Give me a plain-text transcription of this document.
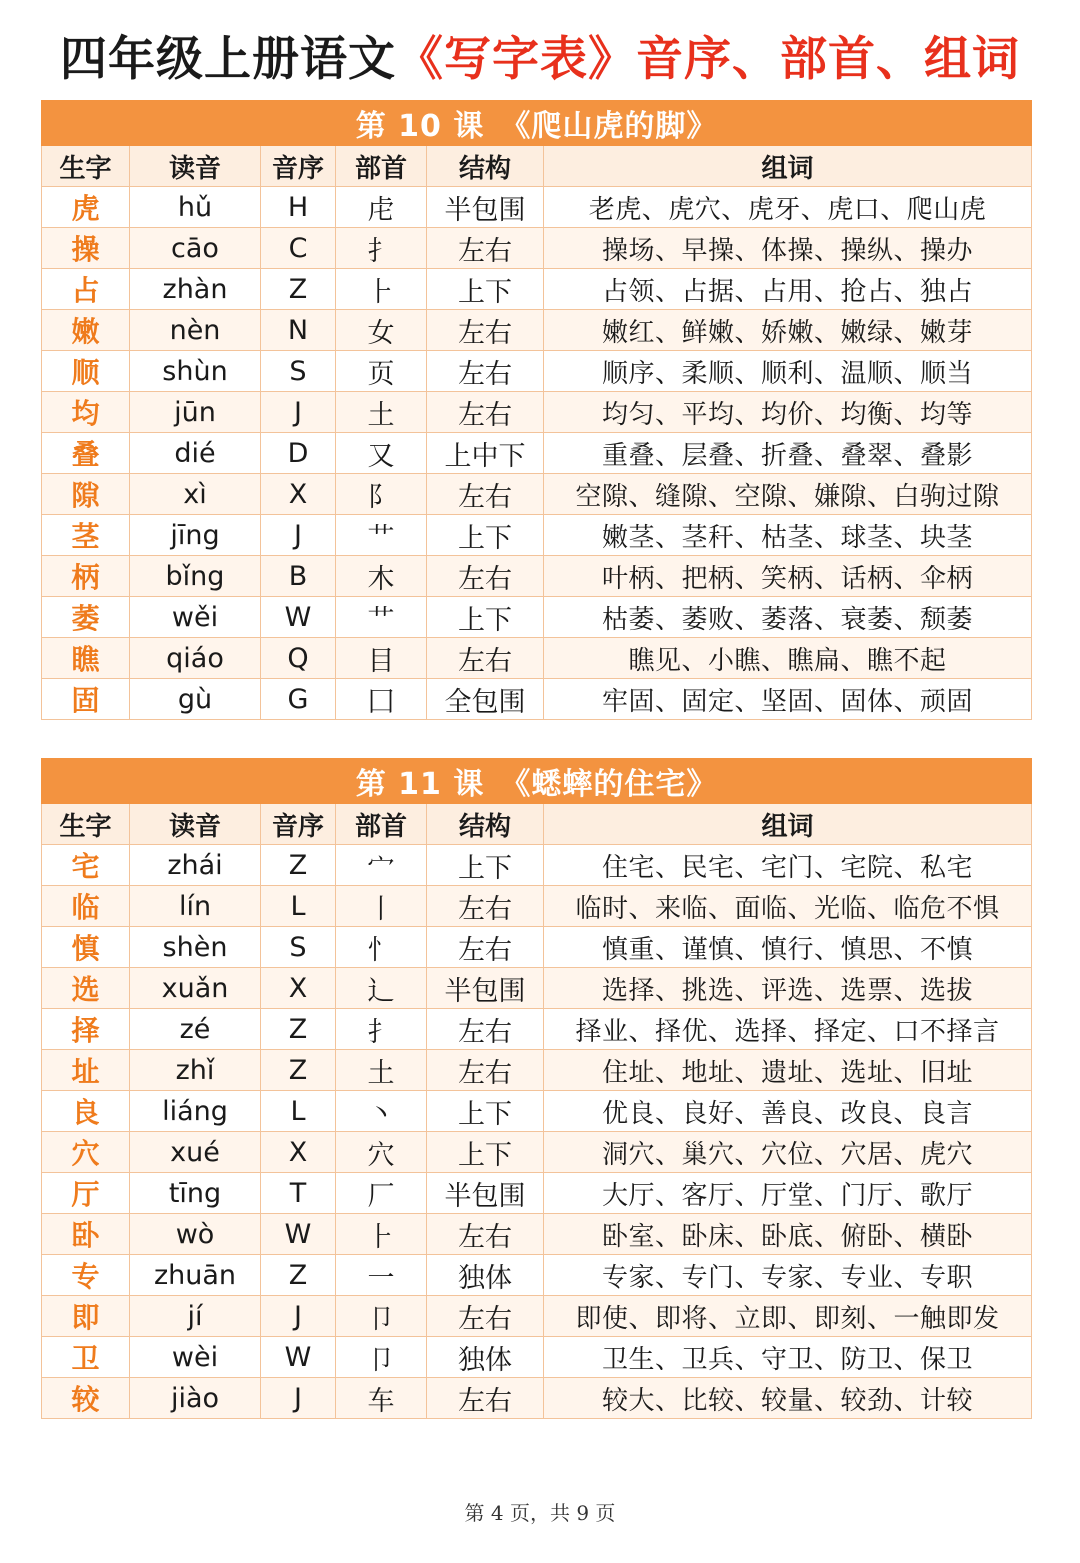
四年级上册语文《写字表》音序、部首、组词
第 10 课　《爬山虎的脚》					
生字	读音	音序	部首	结构	组词
虎	hǔ	H	虍	半包围	老虎、虎穴、虎牙、虎口、爬山虎
操	cāo	C	扌	左右	操场、早操、体操、操纵、操办
占	zhàn	Z	⺊	上下	占领、占据、占用、抢占、独占
嫩	nèn	N	女	左右	嫩红、鲜嫩、娇嫩、嫩绿、嫩芽
顺	shùn	S	页	左右	顺序、柔顺、顺利、温顺、顺当
均	jūn	J	土	左右	均匀、平均、均价、均衡、均等
叠	dié	D	又	上中下	重叠、层叠、折叠、叠翠、叠影
隙	xì	X	阝	左右	空隙、缝隙、空隙、嫌隙、白驹过隙
茎	jīng	J	艹	上下	嫩茎、茎秆、枯茎、球茎、块茎
柄	bǐng	B	木	左右	叶柄、把柄、笑柄、话柄、伞柄
萎	wěi	W	艹	上下	枯萎、萎败、萎落、衰萎、颓萎
瞧	qiáo	Q	目	左右	瞧见、小瞧、瞧扁、瞧不起
固	gù	G	囗	全包围	牢固、固定、坚固、固体、顽固
第 11 课　《蟋蟀的住宅》					
生字	读音	音序	部首	结构	组词
宅	zhái	Z	宀	上下	住宅、民宅、宅门、宅院、私宅
临	lín	L	丨	左右	临时、来临、面临、光临、临危不惧
慎	shèn	S	忄	左右	慎重、谨慎、慎行、慎思、不慎
选	xuǎn	X	辶	半包围	选择、挑选、评选、选票、选拔
择	zé	Z	扌	左右	择业、择优、选择、择定、口不择言
址	zhǐ	Z	土	左右	住址、地址、遗址、选址、旧址
良	liáng	L	丶	上下	优良、良好、善良、改良、良言
穴	xué	X	穴	上下	洞穴、巢穴、穴位、穴居、虎穴
厅	tīng	T	厂	半包围	大厅、客厅、厅堂、门厅、歌厅
卧	wò	W	⺊	左右	卧室、卧床、卧底、俯卧、横卧
专	zhuān	Z	一	独体	专家、专门、专家、专业、专职
即	jí	J	卩	左右	即使、即将、立即、即刻、一触即发
卫	wèi	W	卩	独体	卫生、卫兵、守卫、防卫、保卫
较	jiào	J	车	左右	较大、比较、较量、较劲、计较
第 4 页，共 9 页
